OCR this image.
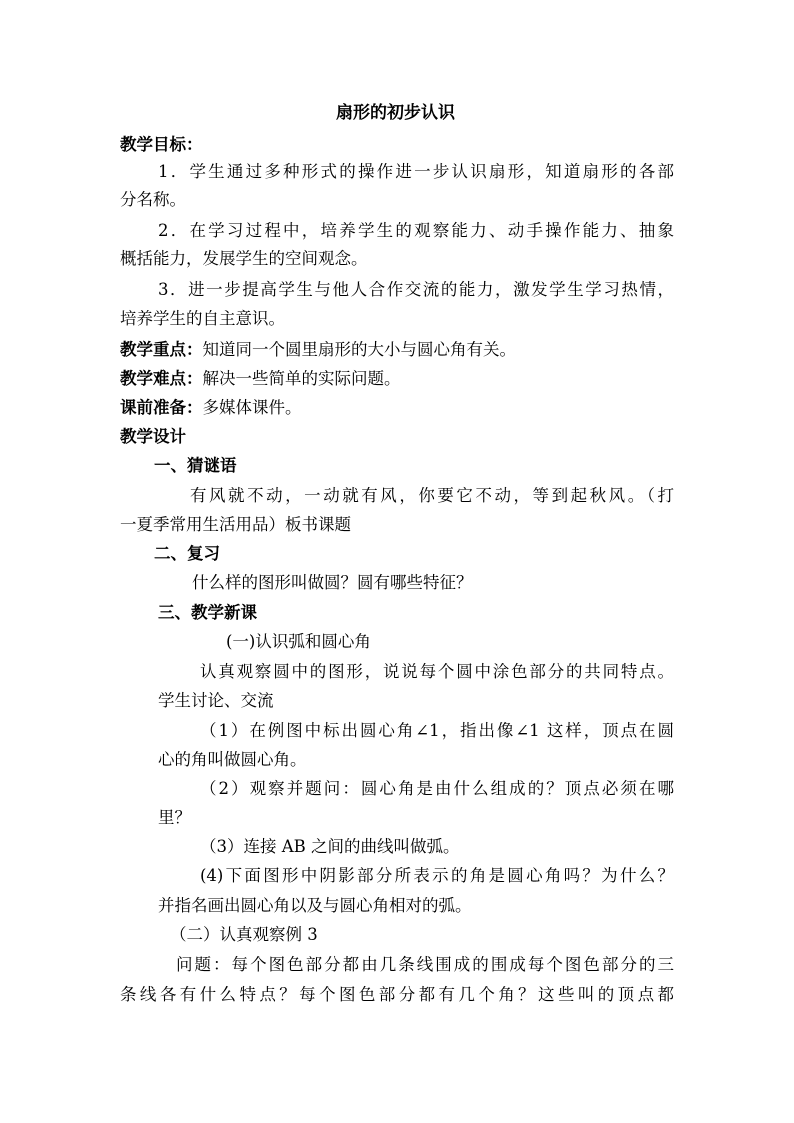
扇形的初步认识
教学目标：
1．学生通过多种形式的操作进一步认识扇形，知道扇形的各部
分名称。
2．在学习过程中，培养学生的观察能力、动手操作能力、抽象
概括能力，发展学生的空间观念。
3．进一步提高学生与他人合作交流的能力，激发学生学习热情，
培养学生的自主意识。
教学重点：知道同一个圆里扇形的大小与圆心角有关。
教学难点：解决一些简单的实际问题。
课前准备：多媒体课件。
教学设计
一、猜谜语
有风就不动，一动就有风，你要它不动，等到起秋风。（打
一夏季常用生活用品）板书课题
二、复习
什么样的图形叫做圆？圆有哪些特征？
三、教学新课
(一)认识弧和圆心角
认真观察圆中的图形，说说每个圆中涂色部分的共同特点。
学生讨论、交流
（1）在例图中标出圆心角∠1，指出像∠1 这样，顶点在圆
心的角叫做圆心角。
（2）观察并题问：圆心角是由什么组成的？顶点必须在哪
里？
（3）连接 AB 之间的曲线叫做弧。
(4)下面图形中阴影部分所表示的角是圆心角吗？为什么？
并指名画出圆心角以及与圆心角相对的弧。
（二）认真观察例 3
问题：每个图色部分都由几条线围成的围成每个图色部分的三
条线各有什么特点？每个图色部分都有几个角？这些叫的顶点都
